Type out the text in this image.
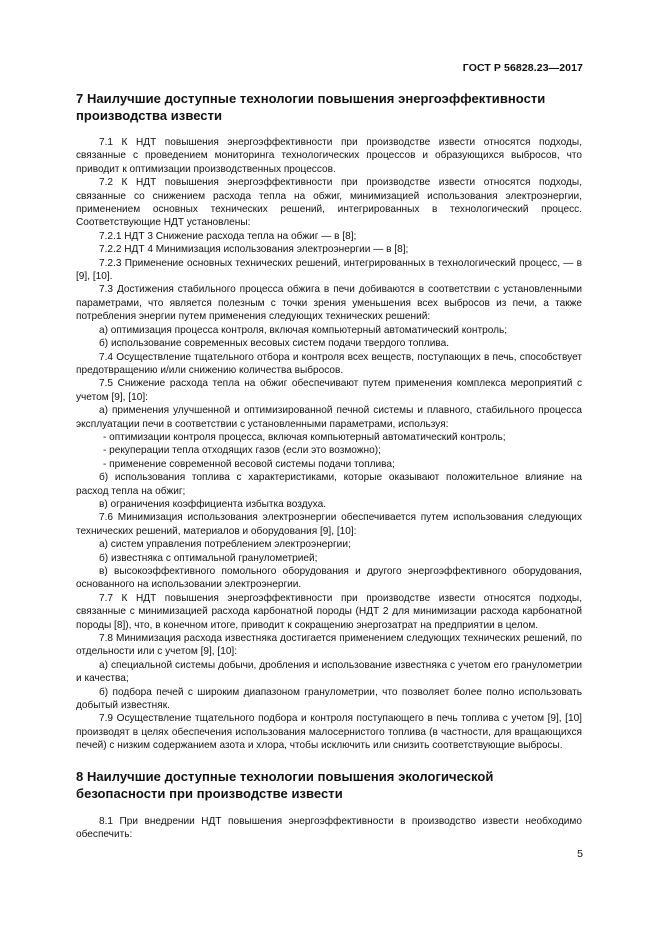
ГОСТ Р 56828.23—2017
7 Наилучшие доступные технологии повышения энергоэффективности производства извести

7.1 К НДТ повышения энергоэффективности при производстве извести относятся подходы, связанные с проведением мониторинга технологических процессов и образующихся выбросов, что приводит к оптимизации производственных процессов.

7.2 К НДТ повышения энергоэффективности при производстве извести относятся подходы, связанные со снижением расхода тепла на обжиг, минимизацией использования электроэнергии, применением основных технических решений, интегрированных в технологический процесс. Соответствующие НДТ установлены:

7.2.1 НДТ 3 Снижение расхода тепла на обжиг — в [8];

7.2.2 НДТ 4 Минимизация использования электроэнергии — в [8];

7.2.3 Применение основных технических решений, интегрированных в технологический процесс, — в [9], [10].

7.3 Достижения стабильного процесса обжига в печи добиваются в соответствии с установленными параметрами, что является полезным с точки зрения уменьшения всех выбросов из печи, а также потребления энергии путем применения следующих технических решений:

а) оптимизация процесса контроля, включая компьютерный автоматический контроль;

б) использование современных весовых систем подачи твердого топлива.

7.4 Осуществление тщательного отбора и контроля всех веществ, поступающих в печь, способствует предотвращению и/или снижению количества выбросов.

7.5 Снижение расхода тепла на обжиг обеспечивают путем применения комплекса мероприятий с учетом [9], [10]:

а) применения улучшенной и оптимизированной печной системы и плавного, стабильного процесса эксплуатации печи в соответствии с установленными параметрами, используя:

- оптимизации контроля процесса, включая компьютерный автоматический контроль;

- рекуперации тепла отходящих газов (если это возможно);

- применение современной весовой системы подачи топлива;

б) использования топлива с характеристиками, которые оказывают положительное влияние на расход тепла на обжиг;

в) ограничения коэффициента избытка воздуха.

7.6 Минимизация использования электроэнергии обеспечивается путем использования следующих технических решений, материалов и оборудования [9], [10]:

а) систем управления потреблением электроэнергии;

б) известняка с оптимальной гранулометрией;

в) высокоэффективного помольного оборудования и другого энергоэффективного оборудования, основанного на использовании электроэнергии.

7.7 К НДТ повышения энергоэффективности при производстве извести относятся подходы, связанные с минимизацией расхода карбонатной породы (НДТ 2 для минимизации расхода карбонатной породы [8]), что, в конечном итоге, приводит к сокращению энергозатрат на предприятии в целом.

7.8 Минимизация расхода известняка достигается применением следующих технических решений, по отдельности или с учетом [9], [10]:

а) специальной системы добычи, дробления и использование известняка с учетом его гранулометрии и качества;

б) подбора печей с широким диапазоном гранулометрии, что позволяет более полно использовать добытый известняк.

7.9 Осуществление тщательного подбора и контроля поступающего в печь топлива с учетом [9], [10] производят в целях обеспечения использования малосернистого топлива (в частности, для вращающихся печей) с низким содержанием азота и хлора, чтобы исключить или снизить соответствующие выбросы.

8 Наилучшие доступные технологии повышения экологической безопасности при производстве извести

8.1 При внедрении НДТ повышения энергоэффективности в производство извести необходимо обеспечить:

5
